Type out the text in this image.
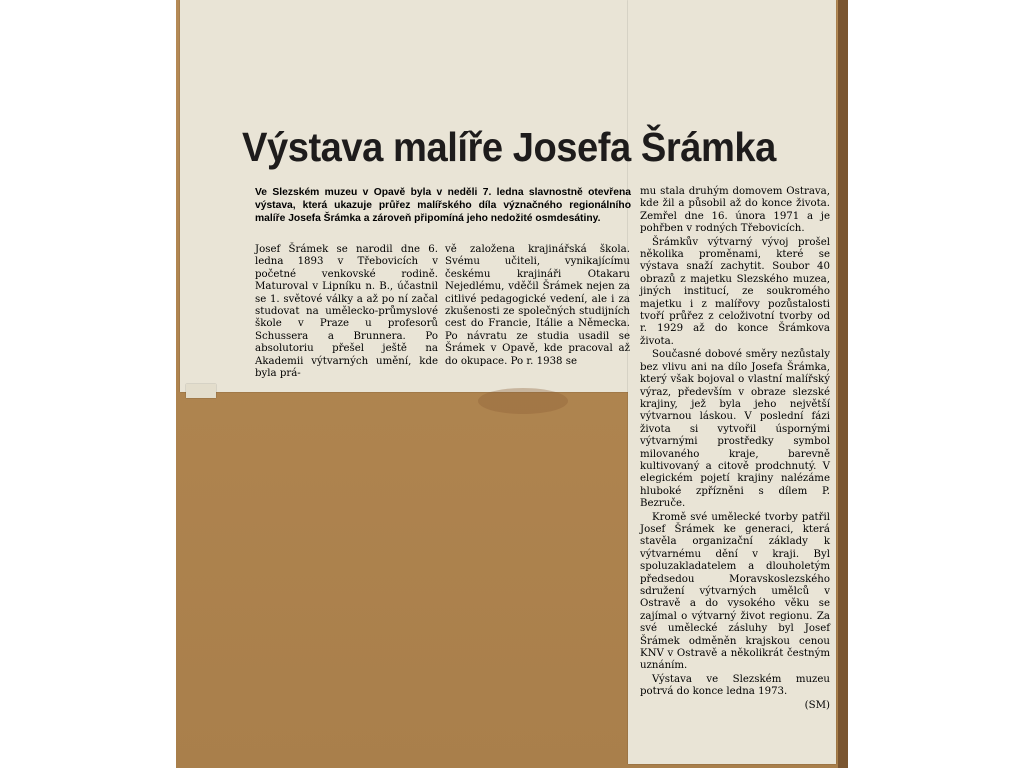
Výstava malíře Josefa Šrámka
Ve Slezském muzeu v Opavě byla v neděli 7. ledna slavnostně otevřena výstava, která ukazuje průřez malířského díla význačného regionálního malíře Josefa Šrámka a zároveň připomíná jeho nedožité osmdesátiny.
Josef Šrámek se narodil dne 6. ledna 1893 v Třebovicích v početné venkovské rodině. Maturoval v Lipníku n. B., účastnil se 1. světové války a až po ní začal studovat na umělecko-průmyslové škole v Praze u profesorů Schussera a Brunnera. Po absolutoriu přešel ještě na Akademii výtvarných umění, kde byla prá-
vě založena krajinářská škola. Svému učiteli, vynikajícímu českému krajináři Otakaru Nejedlému, vděčil Šrámek nejen za citlivé pedagogické vedení, ale i za zkušenosti ze společných studijních cest do Francie, Itálie a Německa. Po návratu ze studia usadil se Šrámek v Opavě, kde pracoval až do okupace. Po r. 1938 se

mu stala druhým domovem Ostrava, kde žil a působil až do konce života. Zemřel dne 16. února 1971 a je pohřben v rodných Třebovicích.

Šrámkův výtvarný vývoj prošel několika proměnami, které se výstava snaží zachytit. Soubor 40 obrazů z majetku Slezského muzea, jiných institucí, ze soukromého majetku i z malířovy pozůstalosti tvoří průřez z celoživotní tvorby od r. 1929 až do konce Šrámkova života.

Současné dobové směry nezůstaly bez vlivu ani na dílo Josefa Šrámka, který však bojoval o vlastní malířský výraz, především v obraze slezské krajiny, jež byla jeho největší výtvarnou láskou. V poslední fázi života si vytvořil úspornými výtvarnými prostředky symbol milovaného kraje, barevně kultivovaný a citově prodchnutý. V elegickém pojetí krajiny nalézáme hluboké zpřízněni s dílem P. Bezruče.

Kromě své umělecké tvorby patřil Josef Šrámek ke generaci, která stavěla organizační základy k výtvarnému dění v kraji. Byl spoluzakladatelem a dlouholetým předsedou Moravskoslezského sdružení výtvarných umělců v Ostravě a do vysokého věku se zajímal o výtvarný život regionu. Za své umělecké zásluhy byl Josef Šrámek odměněn krajskou cenou KNV v Ostravě a několikrát čestným uznáním.

Výstava ve Slezském muzeu potrvá do konce ledna 1973.

(SM)
